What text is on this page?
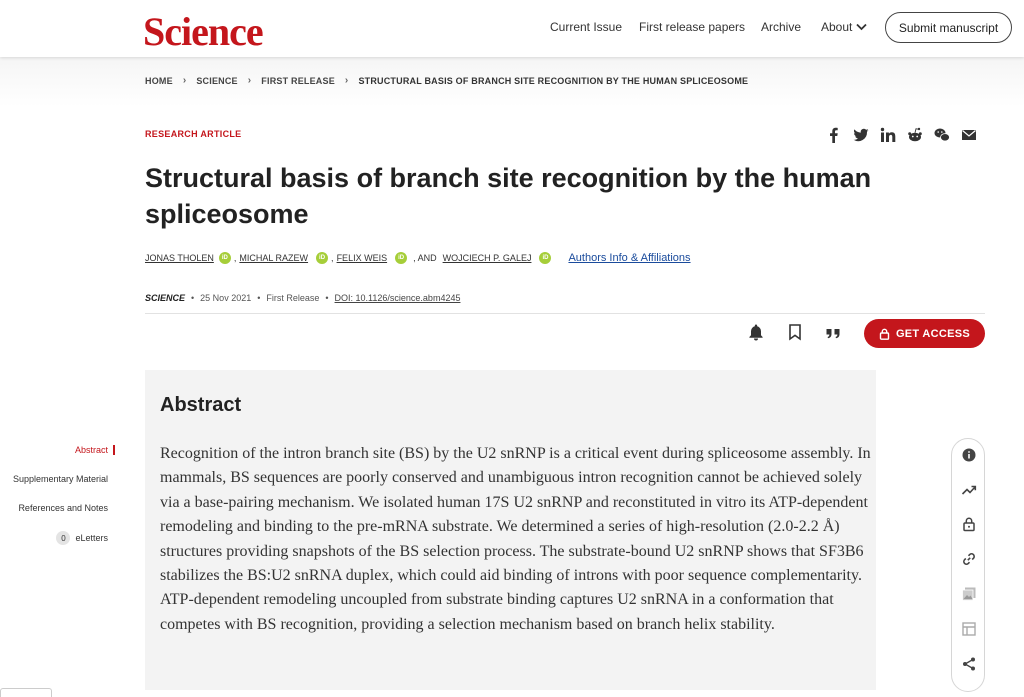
Science	Current Issue First release papers Archive About	Submit manuscript
HOME › SCIENCE › FIRST RELEASE › STRUCTURAL BASIS OF BRANCH SITE RECOGNITION BY THE HUMAN SPLICEOSOME
RESEARCH ARTICLE
Structural basis of branch site recognition by the human spliceosome
JONAS THOLEN	iD , MICHAL RAZEW	iD , FELIX WEIS	iD	, AND WOJCIECH P. GALEJ	iD Authors Info & Affiliations
SCIENCE • 25 Nov 2021 • First Release • DOI: 10.1126/science.abm4245
GET ACCESS
Abstract
Supplementary Material
References and Notes
0	eLetters
Abstract

Recognition of the intron branch site (BS) by the U2 snRNP is a critical event during spliceosome assembly. In mammals, BS sequences are poorly conserved and unambiguous intron recognition cannot be achieved solely via a base-pairing mechanism. We isolated human 17S U2 snRNP and reconstituted in vitro its ATP-dependent remodeling and binding to the pre-mRNA substrate. We determined a series of high-resolution (2.0-2.2 Å) structures providing snapshots of the BS selection process. The substrate-bound U2 snRNP shows that SF3B6 stabilizes the BS:U2 snRNA duplex, which could aid binding of introns with poor sequence complementarity. ATP-dependent remodeling uncoupled from substrate binding captures U2 snRNA in a conformation that competes with BS recognition, providing a selection mechanism based on branch helix stability.
